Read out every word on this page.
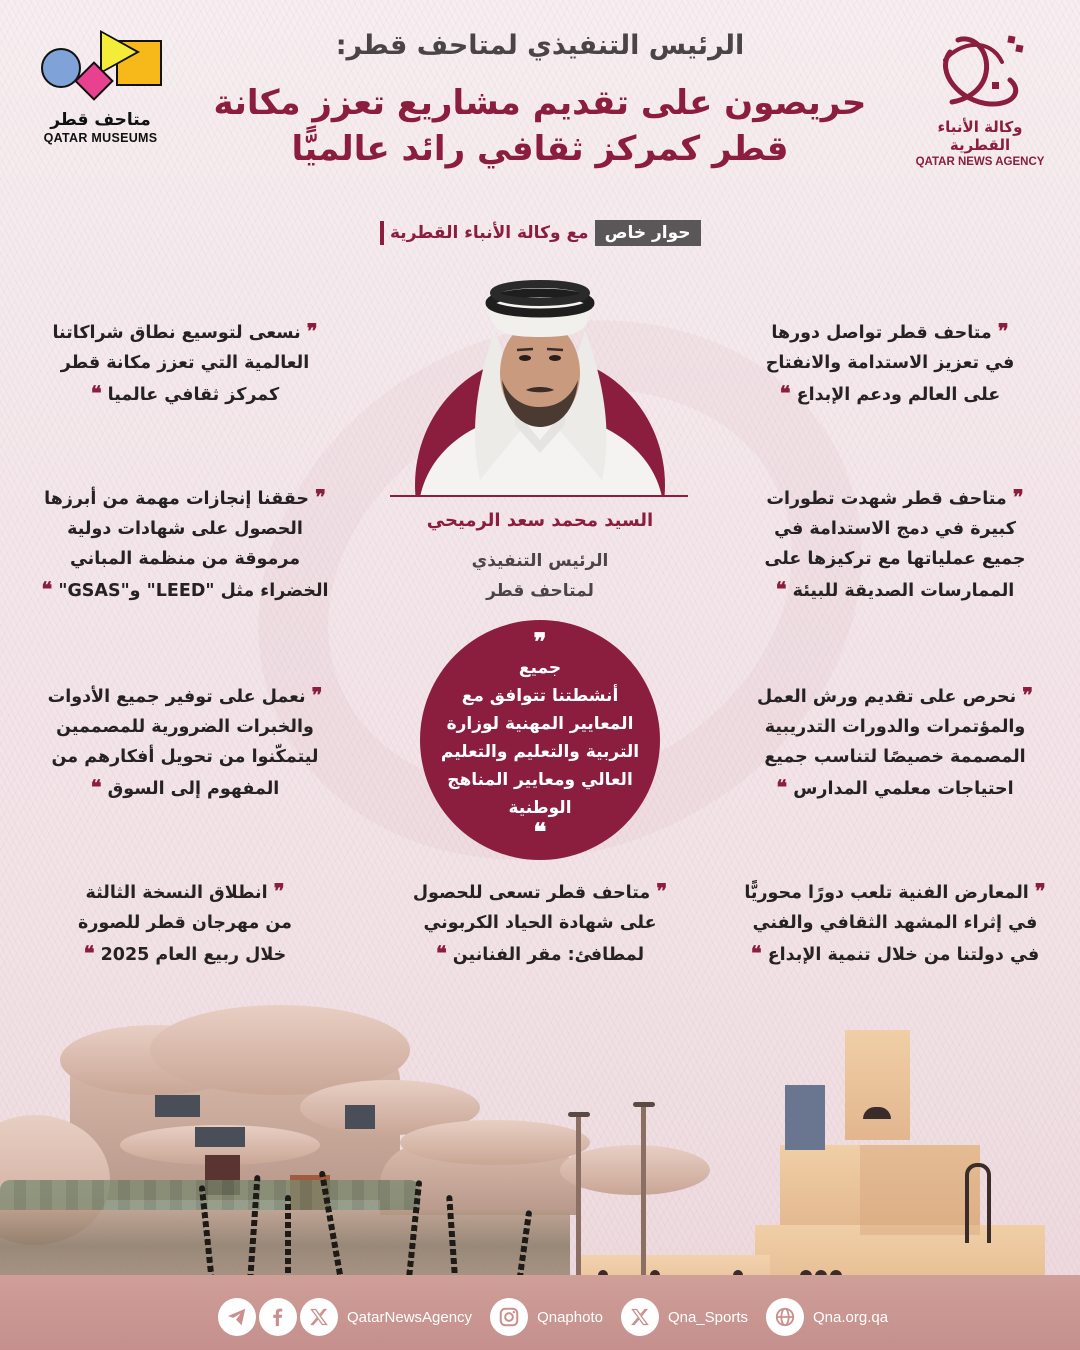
متاحف قطر
QATAR MUSEUMS
وكالة الأنباء القطرية
QATAR NEWS AGENCY
الرئيس التنفيذي لمتاحف قطر:
حريصون على تقديم مشاريع تعزز مكانة
قطر كمركز ثقافي رائد عالميًّا
مع وكالة الأنباء القطرية حوار خاص
السيد محمد سعد الرميحي
الرئيس التنفيذي
لمتاحف قطر
❞
جميع
أنشطتنا تتوافق مع
المعايير المهنية لوزارة
التربية والتعليم والتعليم
العالي ومعايير المناهج
الوطنية
❝
❞ نسعى لتوسيع نطاق شراكاتنا
العالمية التي تعزز مكانة قطر
كمركز ثقافي عالميا ❝
❞ متاحف قطر تواصل دورها
في تعزيز الاستدامة والانفتاح
على العالم ودعم الإبداع ❝
❞ حققنا إنجازات مهمة من أبرزها
الحصول على شهادات دولية
مرموقة من منظمة المباني
الخضراء مثل "LEED" و"GSAS" ❝
❞ متاحف قطر شهدت تطورات
كبيرة في دمج الاستدامة في
جميع عملياتها مع تركيزها على
الممارسات الصديقة للبيئة ❝
❞ نعمل على توفير جميع الأدوات
والخبرات الضرورية للمصممين
ليتمكّنوا من تحويل أفكارهم من
المفهوم إلى السوق ❝
❞ نحرص على تقديم ورش العمل
والمؤتمرات والدورات التدريبية
المصممة خصيصًا لتناسب جميع
احتياجات معلمي المدارس ❝
❞ انطلاق النسخة الثالثة
من مهرجان قطر للصورة
خلال ربيع العام 2025 ❝
❞ متاحف قطر تسعى للحصول
على شهادة الحياد الكربوني
لمطافئ: مقر الفنانين ❝
❞ المعارض الفنية تلعب دورًا محوريًّا
في إثراء المشهد الثقافي والفني
في دولتنا من خلال تنمية الإبداع ❝
QatarNewsAgency	Qnaphoto	Qna_Sports	Qna.org.qa
